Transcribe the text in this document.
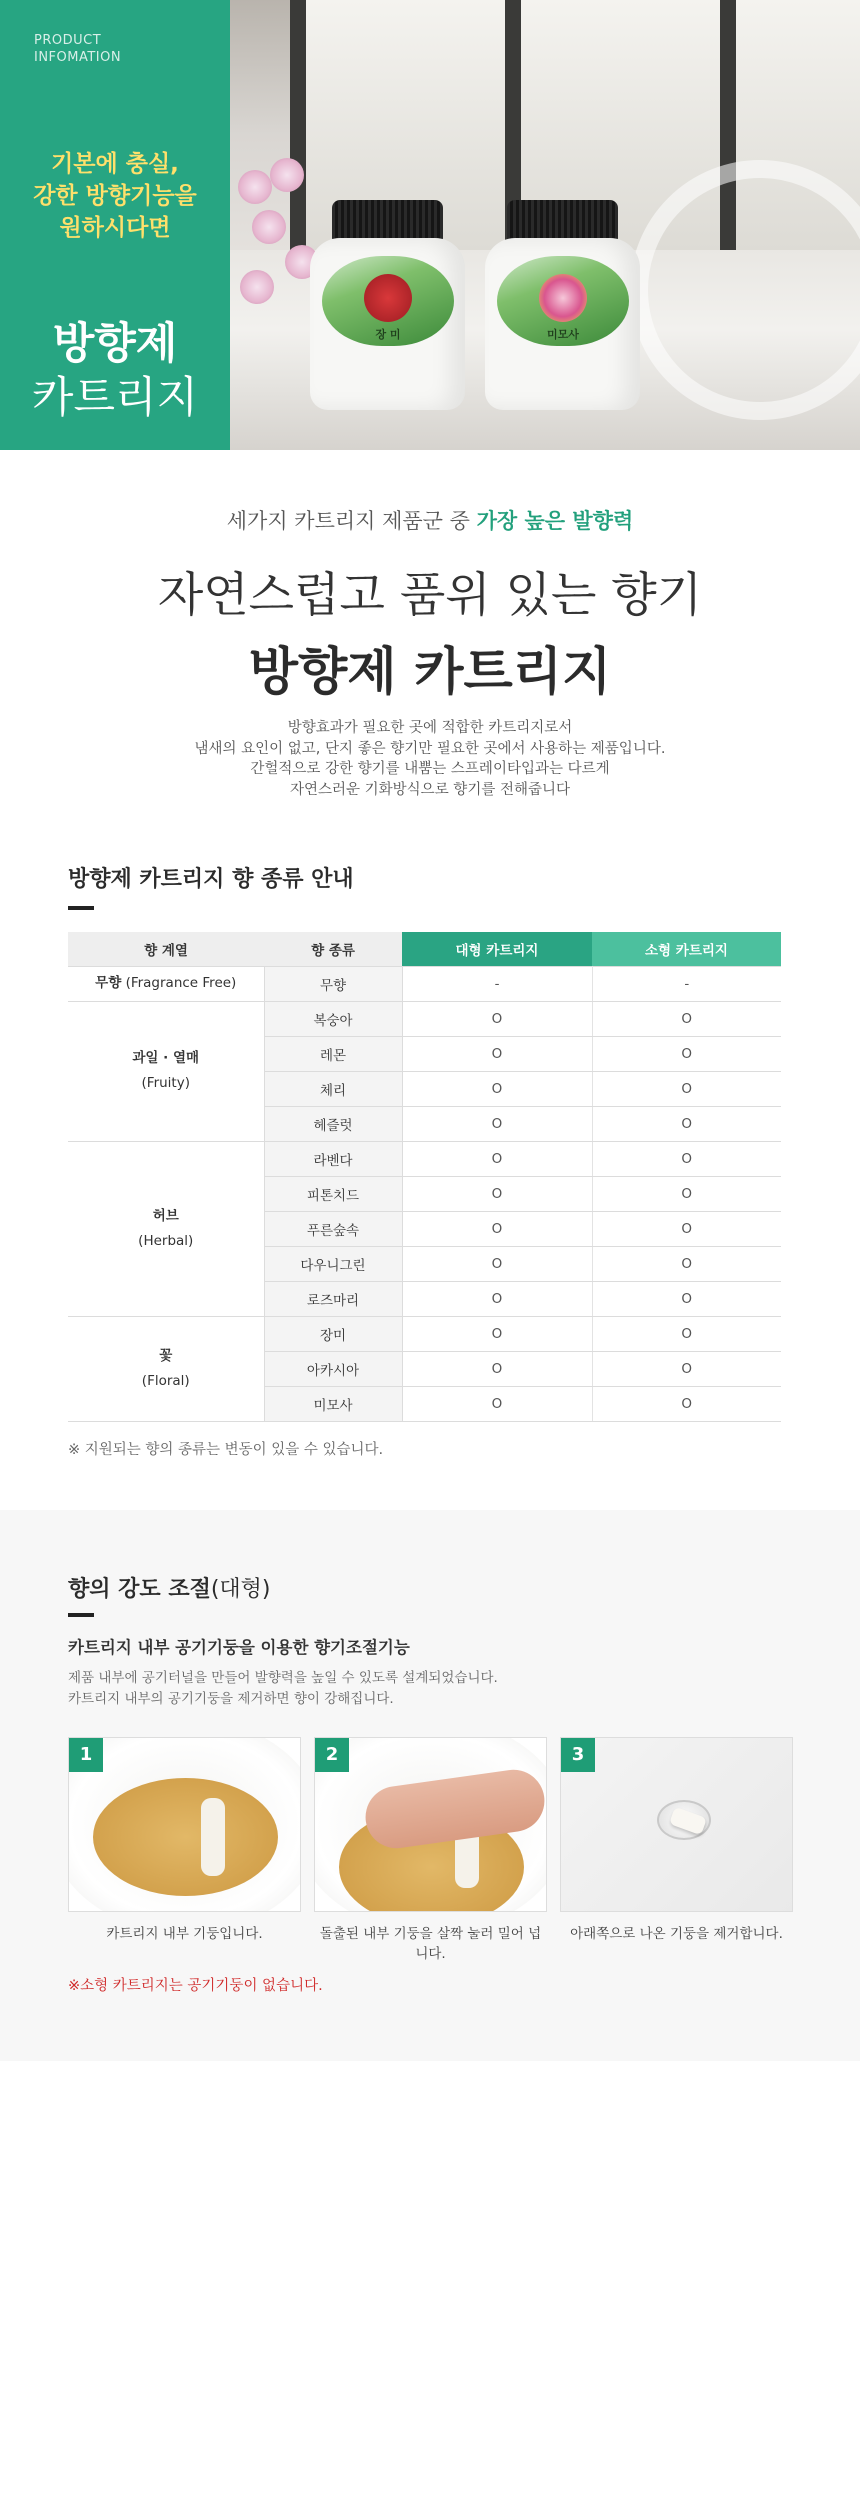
장 미	미모사
PRODUCT
INFOMATION
기본에 충실,
강한 방향기능을
원하시다면
방향제
카트리지
세가지 카트리지 제품군 중 가장 높은 발향력
자연스럽고 품위 있는 향기
방향제 카트리지
방향효과가 필요한 곳에 적합한 카트리지로서
냄새의 요인이 없고, 단지 좋은 향기만 필요한 곳에서 사용하는 제품입니다.
간헐적으로 강한 향기를 내뿜는 스프레이타입과는 다르게
자연스러운 기화방식으로 향기를 전해줍니다
방향제 카트리지 향 종류 안내
향 계열	향 종류	대형 카트리지	소형 카트리지
무향 (Fragrance Free)	무향	-	-
과일 · 열매
(Fruity)	복숭아	O	O
	레몬	O	O
	체리	O	O
	헤즐럿	O	O
허브
(Herbal)	라벤다	O	O
	피톤치드	O	O
	푸른숲속	O	O
	다우니그린	O	O
	로즈마리	O	O
꽃
(Floral)	장미	O	O
	아카시아	O	O
	미모사	O	O
※ 지원되는 향의 종류는 변동이 있을 수 있습니다.
향의 강도 조절(대형)
카트리지 내부 공기기둥을 이용한 향기조절기능
제품 내부에 공기터널을 만들어 발향력을 높일 수 있도록 설계되었습니다.
카트리지 내부의 공기기둥을 제거하면 향이 강해집니다.
1	2	3
카트리지 내부 기둥입니다.	돌출된 내부 기둥을 살짝 눌러 밀어 넙니다.
아래쪽으로 나온 기둥을 제거합니다.
※소형 카트리지는 공기기둥이 없습니다.
